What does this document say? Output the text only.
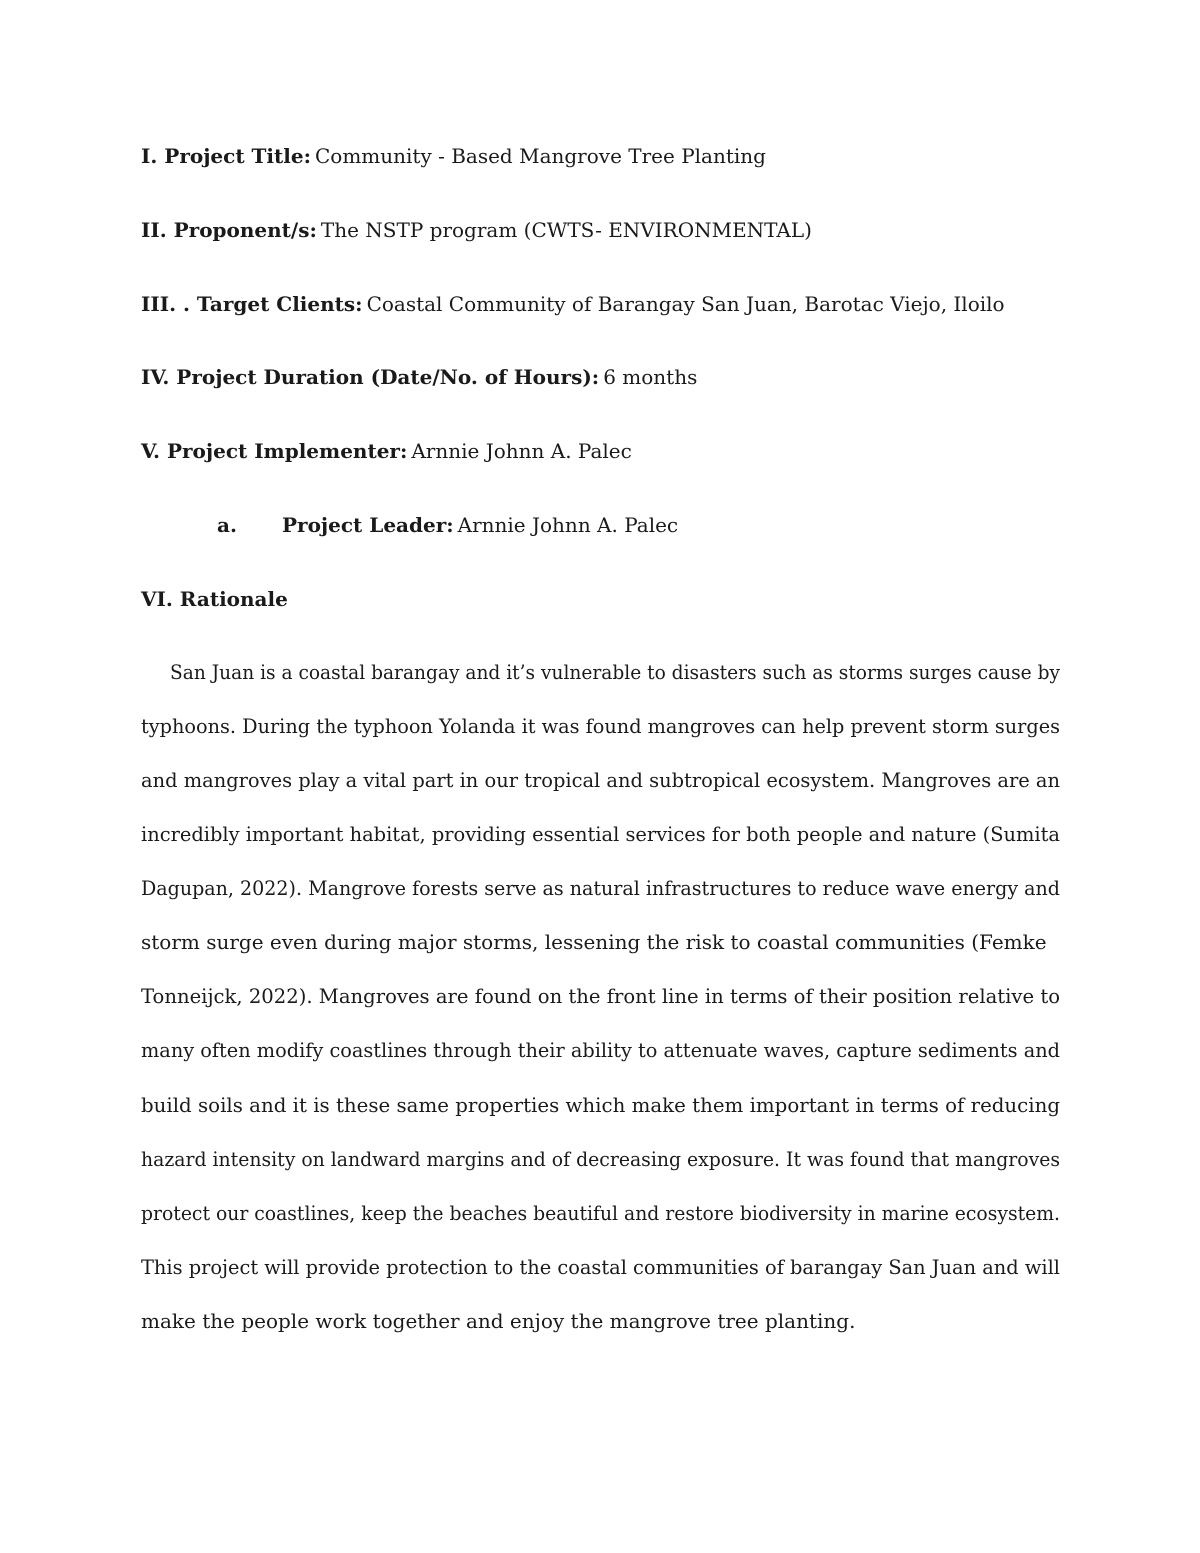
I. Project Title: Community - Based Mangrove Tree Planting
II. Proponent/s: The NSTP program (CWTS- ENVIRONMENTAL)
III. . Target Clients: Coastal Community of Barangay San Juan, Barotac Viejo, Iloilo
IV. Project Duration (Date/No. of Hours): 6 months
V. Project Implementer: Arnnie Johnn A. Palec
a. Project Leader: Arnnie Johnn A. Palec
VI. Rationale
San Juan is a coastal barangay and it’s vulnerable to disasters such as storms surges cause by
typhoons. During the typhoon Yolanda it was found mangroves can help prevent storm surges
and mangroves play a vital part in our tropical and subtropical ecosystem. Mangroves are an
incredibly important habitat, providing essential services for both people and nature (Sumita
Dagupan, 2022). Mangrove forests serve as natural infrastructures to reduce wave energy and
storm surge even during major storms, lessening the risk to coastal communities (Femke
Tonneijck, 2022). Mangroves are found on the front line in terms of their position relative to
many often modify coastlines through their ability to attenuate waves, capture sediments and
build soils and it is these same properties which make them important in terms of reducing
hazard intensity on landward margins and of decreasing exposure. It was found that mangroves
protect our coastlines, keep the beaches beautiful and restore biodiversity in marine ecosystem.
This project will provide protection to the coastal communities of barangay San Juan and will
make the people work together and enjoy the mangrove tree planting.
